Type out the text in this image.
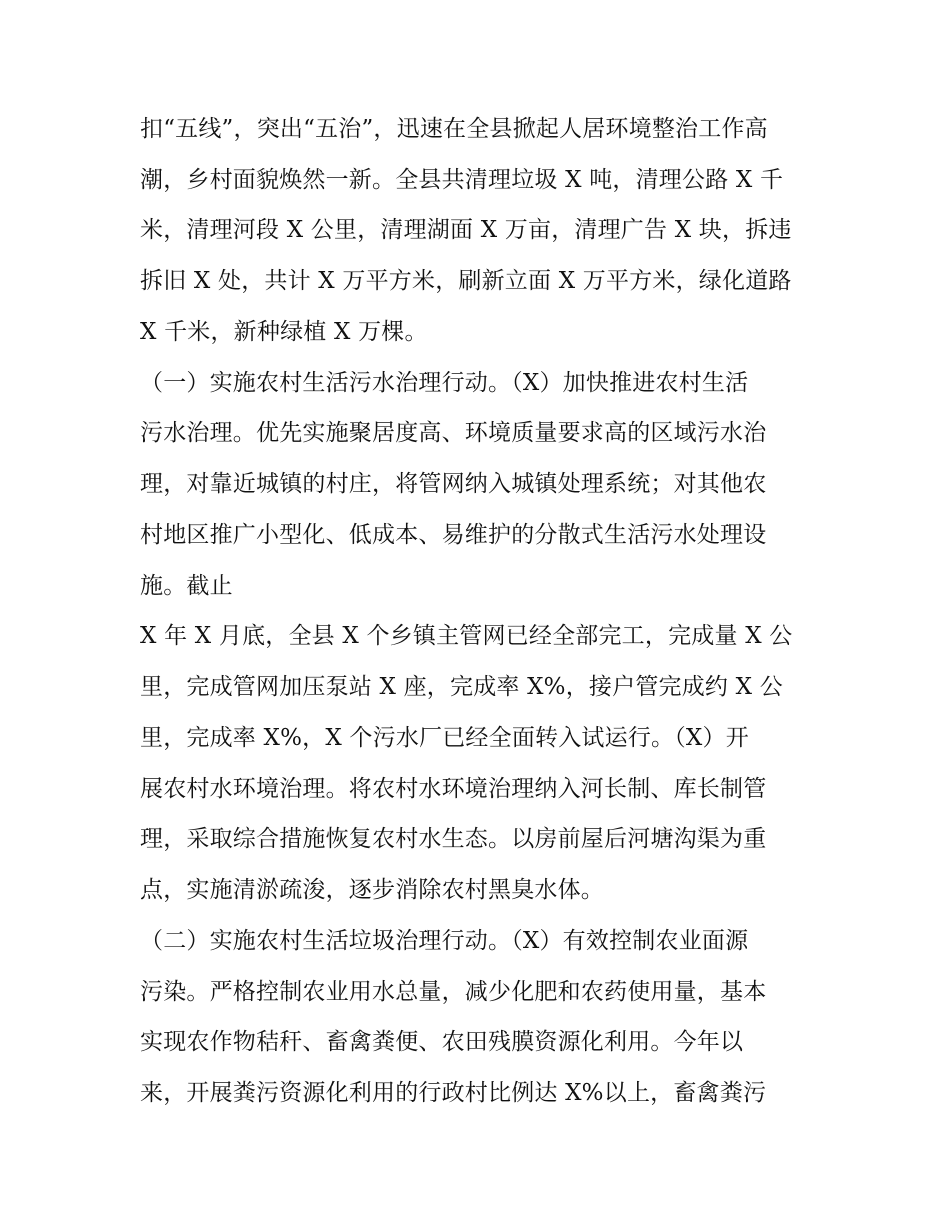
扣“五线”，突出“五治”，迅速在全县掀起人居环境整治工作高
潮，乡村面貌焕然一新。全县共清理垃圾 X 吨，清理公路 X 千
米，清理河段 X 公里，清理湖面 X 万亩，清理广告 X 块，拆违
拆旧 X 处，共计 X 万平方米，刷新立面 X 万平方米，绿化道路
X 千米，新种绿植 X 万棵。
（一）实施农村生活污水治理行动。（X）加快推进农村生活
污水治理。优先实施聚居度高、环境质量要求高的区域污水治
理，对靠近城镇的村庄，将管网纳入城镇处理系统；对其他农
村地区推广小型化、低成本、易维护的分散式生活污水处理设
施。截止
X 年 X 月底，全县 X 个乡镇主管网已经全部完工，完成量 X 公
里，完成管网加压泵站 X 座，完成率 X%，接户管完成约 X 公
里，完成率 X%，X 个污水厂已经全面转入试运行。（X）开
展农村水环境治理。将农村水环境治理纳入河长制、库长制管
理，采取综合措施恢复农村水生态。以房前屋后河塘沟渠为重
点，实施清淤疏浚，逐步消除农村黑臭水体。
（二）实施农村生活垃圾治理行动。（X）有效控制农业面源
污染。严格控制农业用水总量，减少化肥和农药使用量，基本
实现农作物秸秆、畜禽粪便、农田残膜资源化利用。今年以
来，开展粪污资源化利用的行政村比例达 X%以上，畜禽粪污
